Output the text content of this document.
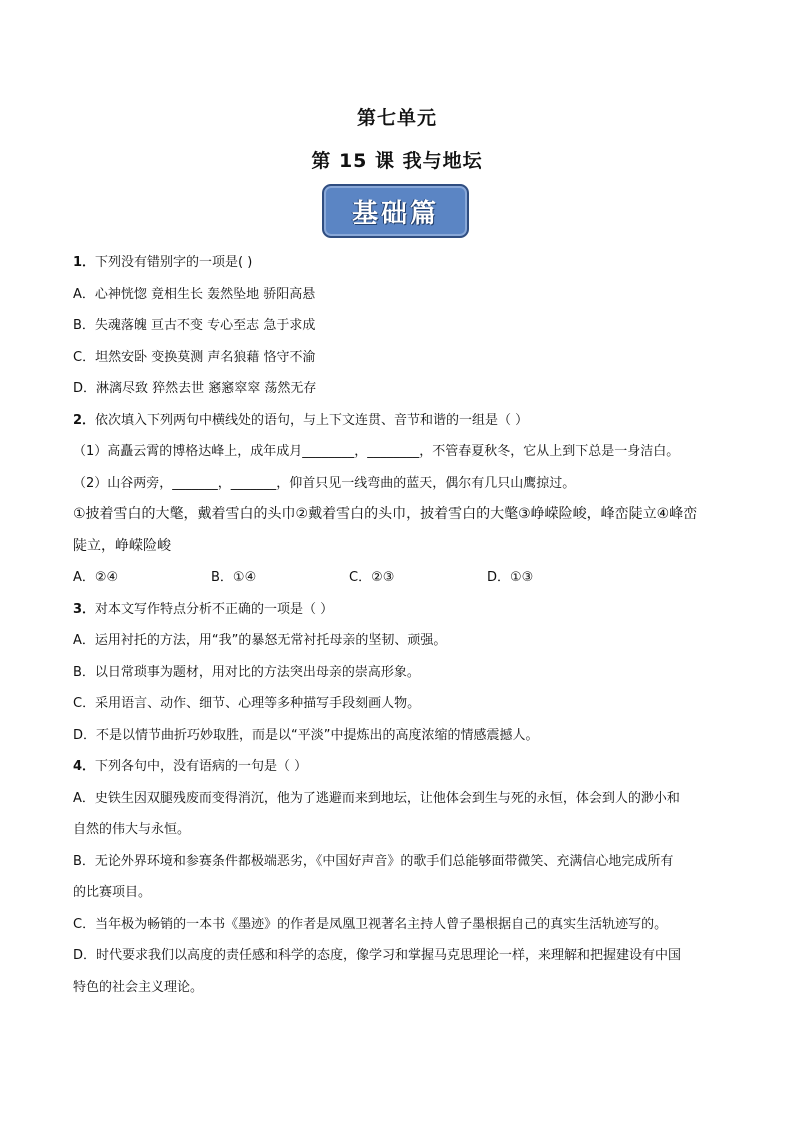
第七单元
第 15 课 我与地坛
基础篇
1．下列没有错别字的一项是( )
A．心神恍惚 竟相生长 轰然坠地 骄阳高悬
B．失魂落魄 亘古不变 专心至志 急于求成
C．坦然安卧 变换莫测 声名狼藉 恪守不渝
D．淋漓尽致 猝然去世 窸窸窣窣 荡然无存
2．依次填入下列两句中横线处的语句，与上下文连贯、音节和谐的一组是（ ）
（1）高矗云霄的博格达峰上，成年成月________，________，不管春夏秋冬，它从上到下总是一身洁白。
（2）山谷两旁，_______，_______，仰首只见一线弯曲的蓝天，偶尔有几只山鹰掠过。
①披着雪白的大氅，戴着雪白的头巾②戴着雪白的头巾，披着雪白的大氅③峥嵘险峻，峰峦陡立④峰峦
陡立，峥嵘险峻
A．②④	B．①④	C．②③	D．①③
3．对本文写作特点分析不正确的一项是（ ）
A．运用衬托的方法，用“我”的暴怒无常衬托母亲的坚韧、顽强。
B．以日常琐事为题材，用对比的方法突出母亲的崇高形象。
C．采用语言、动作、细节、心理等多种描写手段刻画人物。
D．不是以情节曲折巧妙取胜，而是以“平淡”中提炼出的高度浓缩的情感震撼人。
4．下列各句中，没有语病的一句是（ ）
A．史铁生因双腿残废而变得消沉，他为了逃避而来到地坛，让他体会到生与死的永恒，体会到人的渺小和
自然的伟大与永恒。
B．无论外界环境和参赛条件都极端恶劣，《中国好声音》的歌手们总能够面带微笑、充满信心地完成所有
的比赛项目。
C．当年极为畅销的一本书《墨迹》的作者是凤凰卫视著名主持人曾子墨根据自己的真实生活轨迹写的。
D．时代要求我们以高度的责任感和科学的态度，像学习和掌握马克思理论一样，来理解和把握建设有中国
特色的社会主义理论。
